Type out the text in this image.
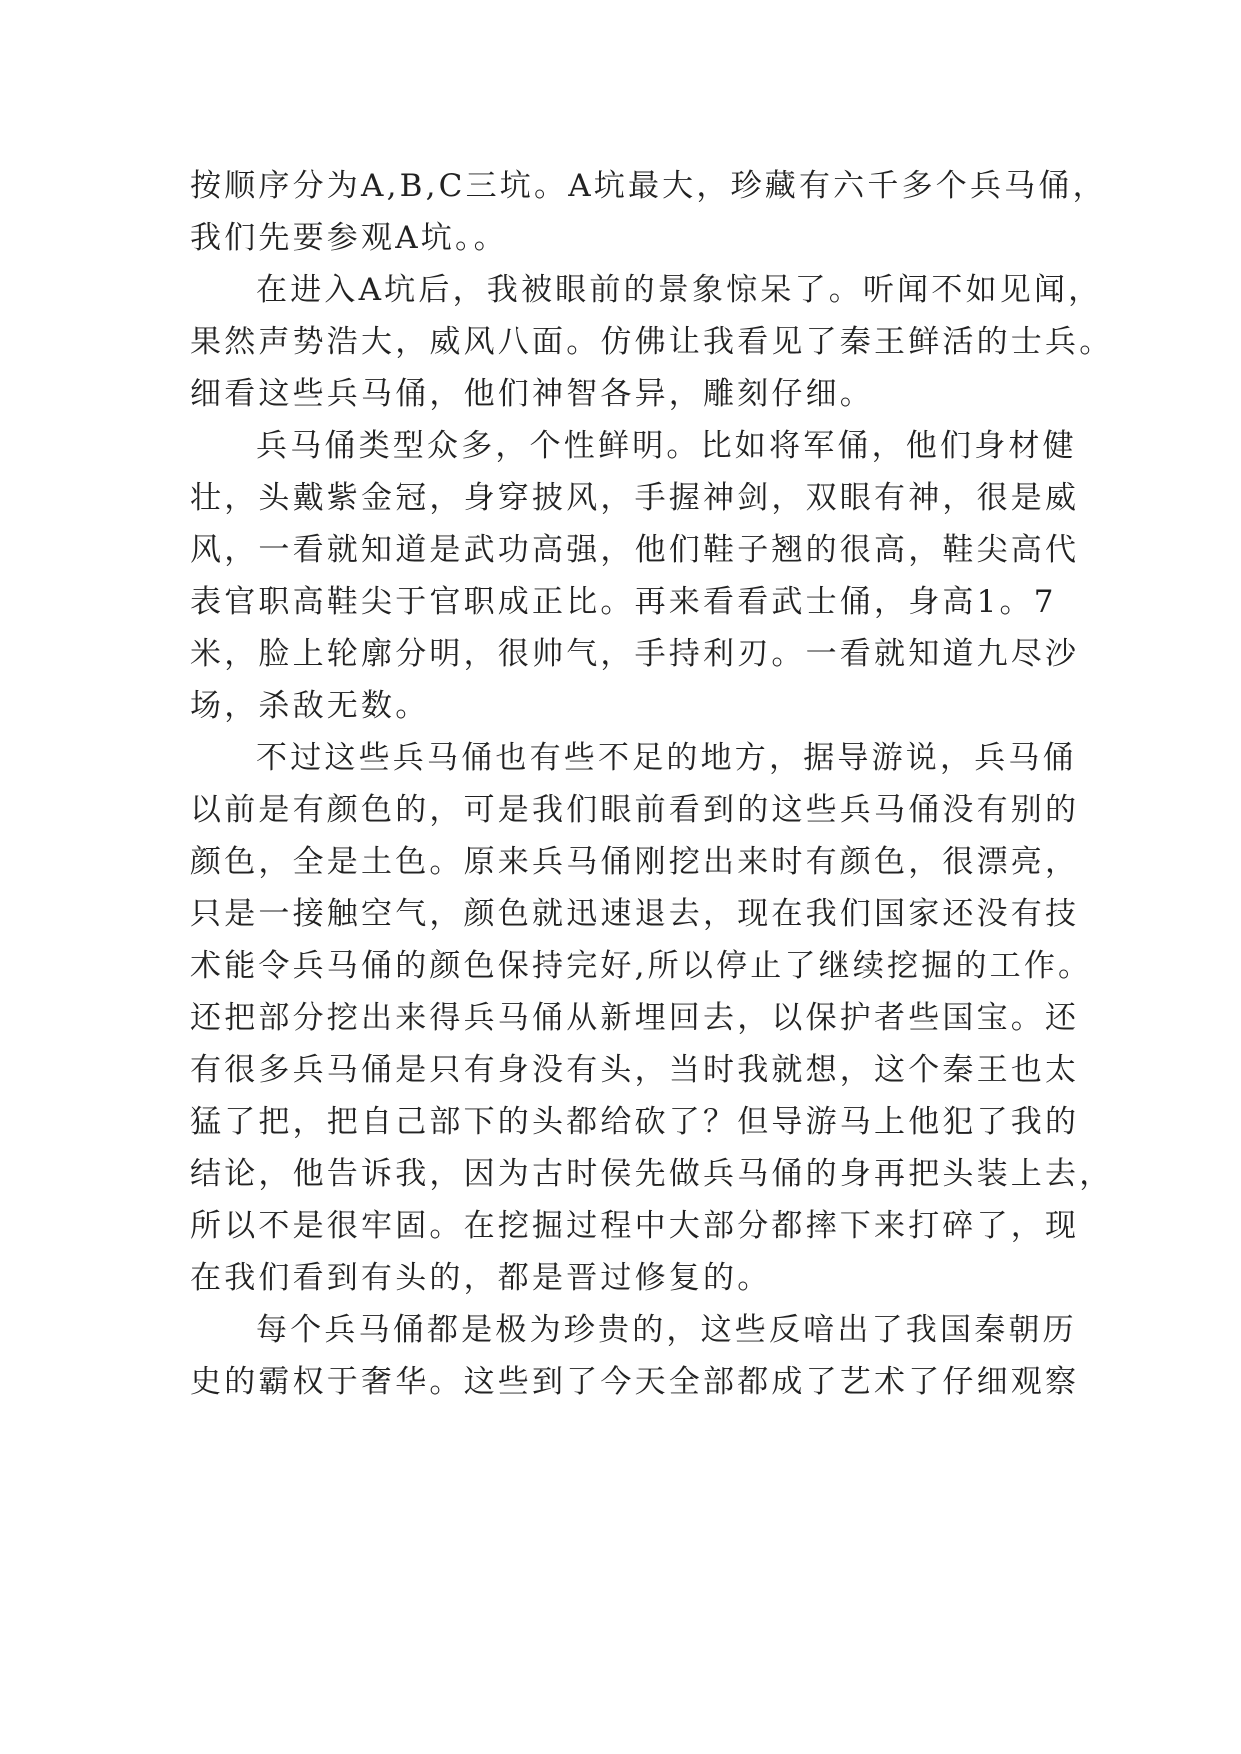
按顺序分为A,B,C三坑。A坑最大，珍藏有六千多个兵马俑，
我们先要参观A坑。。
在进入A坑后，我被眼前的景象惊呆了。听闻不如见闻，
果然声势浩大，威风八面。仿佛让我看见了秦王鲜活的士兵。
细看这些兵马俑，他们神智各异，雕刻仔细。
兵马俑类型众多，个性鲜明。比如将军俑，他们身材健
壮，头戴紫金冠，身穿披风，手握神剑，双眼有神，很是威
风，一看就知道是武功高强，他们鞋子翘的很高，鞋尖高代
表官职高鞋尖于官职成正比。再来看看武士俑，身高1。7
米，脸上轮廓分明，很帅气，手持利刃。一看就知道九尽沙
场，杀敌无数。
不过这些兵马俑也有些不足的地方，据导游说，兵马俑
以前是有颜色的，可是我们眼前看到的这些兵马俑没有别的
颜色，全是土色。原来兵马俑刚挖出来时有颜色，很漂亮，
只是一接触空气，颜色就迅速退去，现在我们国家还没有技
术能令兵马俑的颜色保持完好,所以停止了继续挖掘的工作。
还把部分挖出来得兵马俑从新埋回去，以保护者些国宝。还
有很多兵马俑是只有身没有头，当时我就想，这个秦王也太
猛了把，把自己部下的头都给砍了？但导游马上他犯了我的
结论，他告诉我，因为古时侯先做兵马俑的身再把头装上去，
所以不是很牢固。在挖掘过程中大部分都摔下来打碎了，现
在我们看到有头的，都是晋过修复的。
每个兵马俑都是极为珍贵的，这些反喑出了我国秦朝历
史的霸权于奢华。这些到了今天全部都成了艺术了仔细观察
